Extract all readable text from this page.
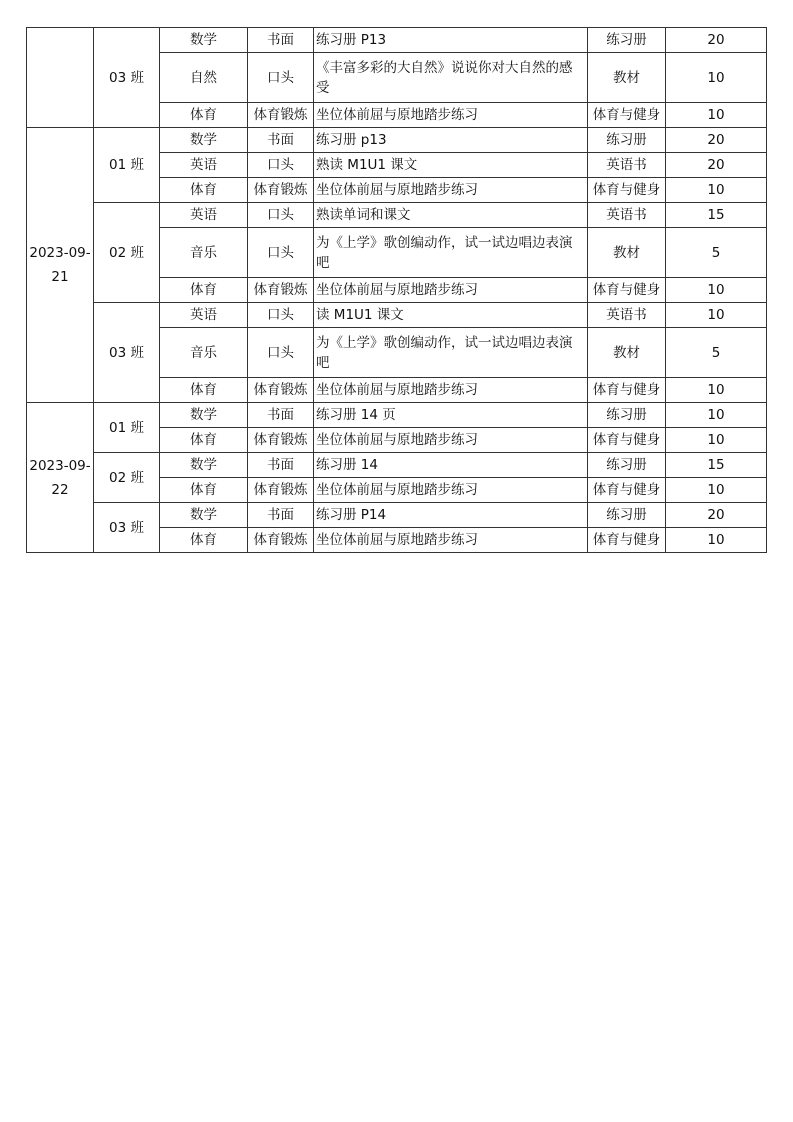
	03 班	数学	书面	练习册 P13	练习册	20
		自然	口头	《丰富多彩的大自然》说说你对大自然的感受	教材	10
		体育	体育锻炼	坐位体前屈与原地踏步练习	体育与健身	10
2023-09-21	01 班	数学	书面	练习册 p13	练习册	20
		英语	口头	熟读 M1U1 课文	英语书	20
		体育	体育锻炼	坐位体前屈与原地踏步练习	体育与健身	10
	02 班	英语	口头	熟读单词和课文	英语书	15
		音乐	口头	为《上学》歌创编动作，试一试边唱边表演吧	教材	5
		体育	体育锻炼	坐位体前屈与原地踏步练习	体育与健身	10
	03 班	英语	口头	读 M1U1 课文	英语书	10
		音乐	口头	为《上学》歌创编动作，试一试边唱边表演吧	教材	5
		体育	体育锻炼	坐位体前屈与原地踏步练习	体育与健身	10
2023-09-22	01 班	数学	书面	练习册 14 页	练习册	10
		体育	体育锻炼	坐位体前屈与原地踏步练习	体育与健身	10
	02 班	数学	书面	练习册 14	练习册	15
		体育	体育锻炼	坐位体前屈与原地踏步练习	体育与健身	10
	03 班	数学	书面	练习册 P14	练习册	20
		体育	体育锻炼	坐位体前屈与原地踏步练习	体育与健身	10
